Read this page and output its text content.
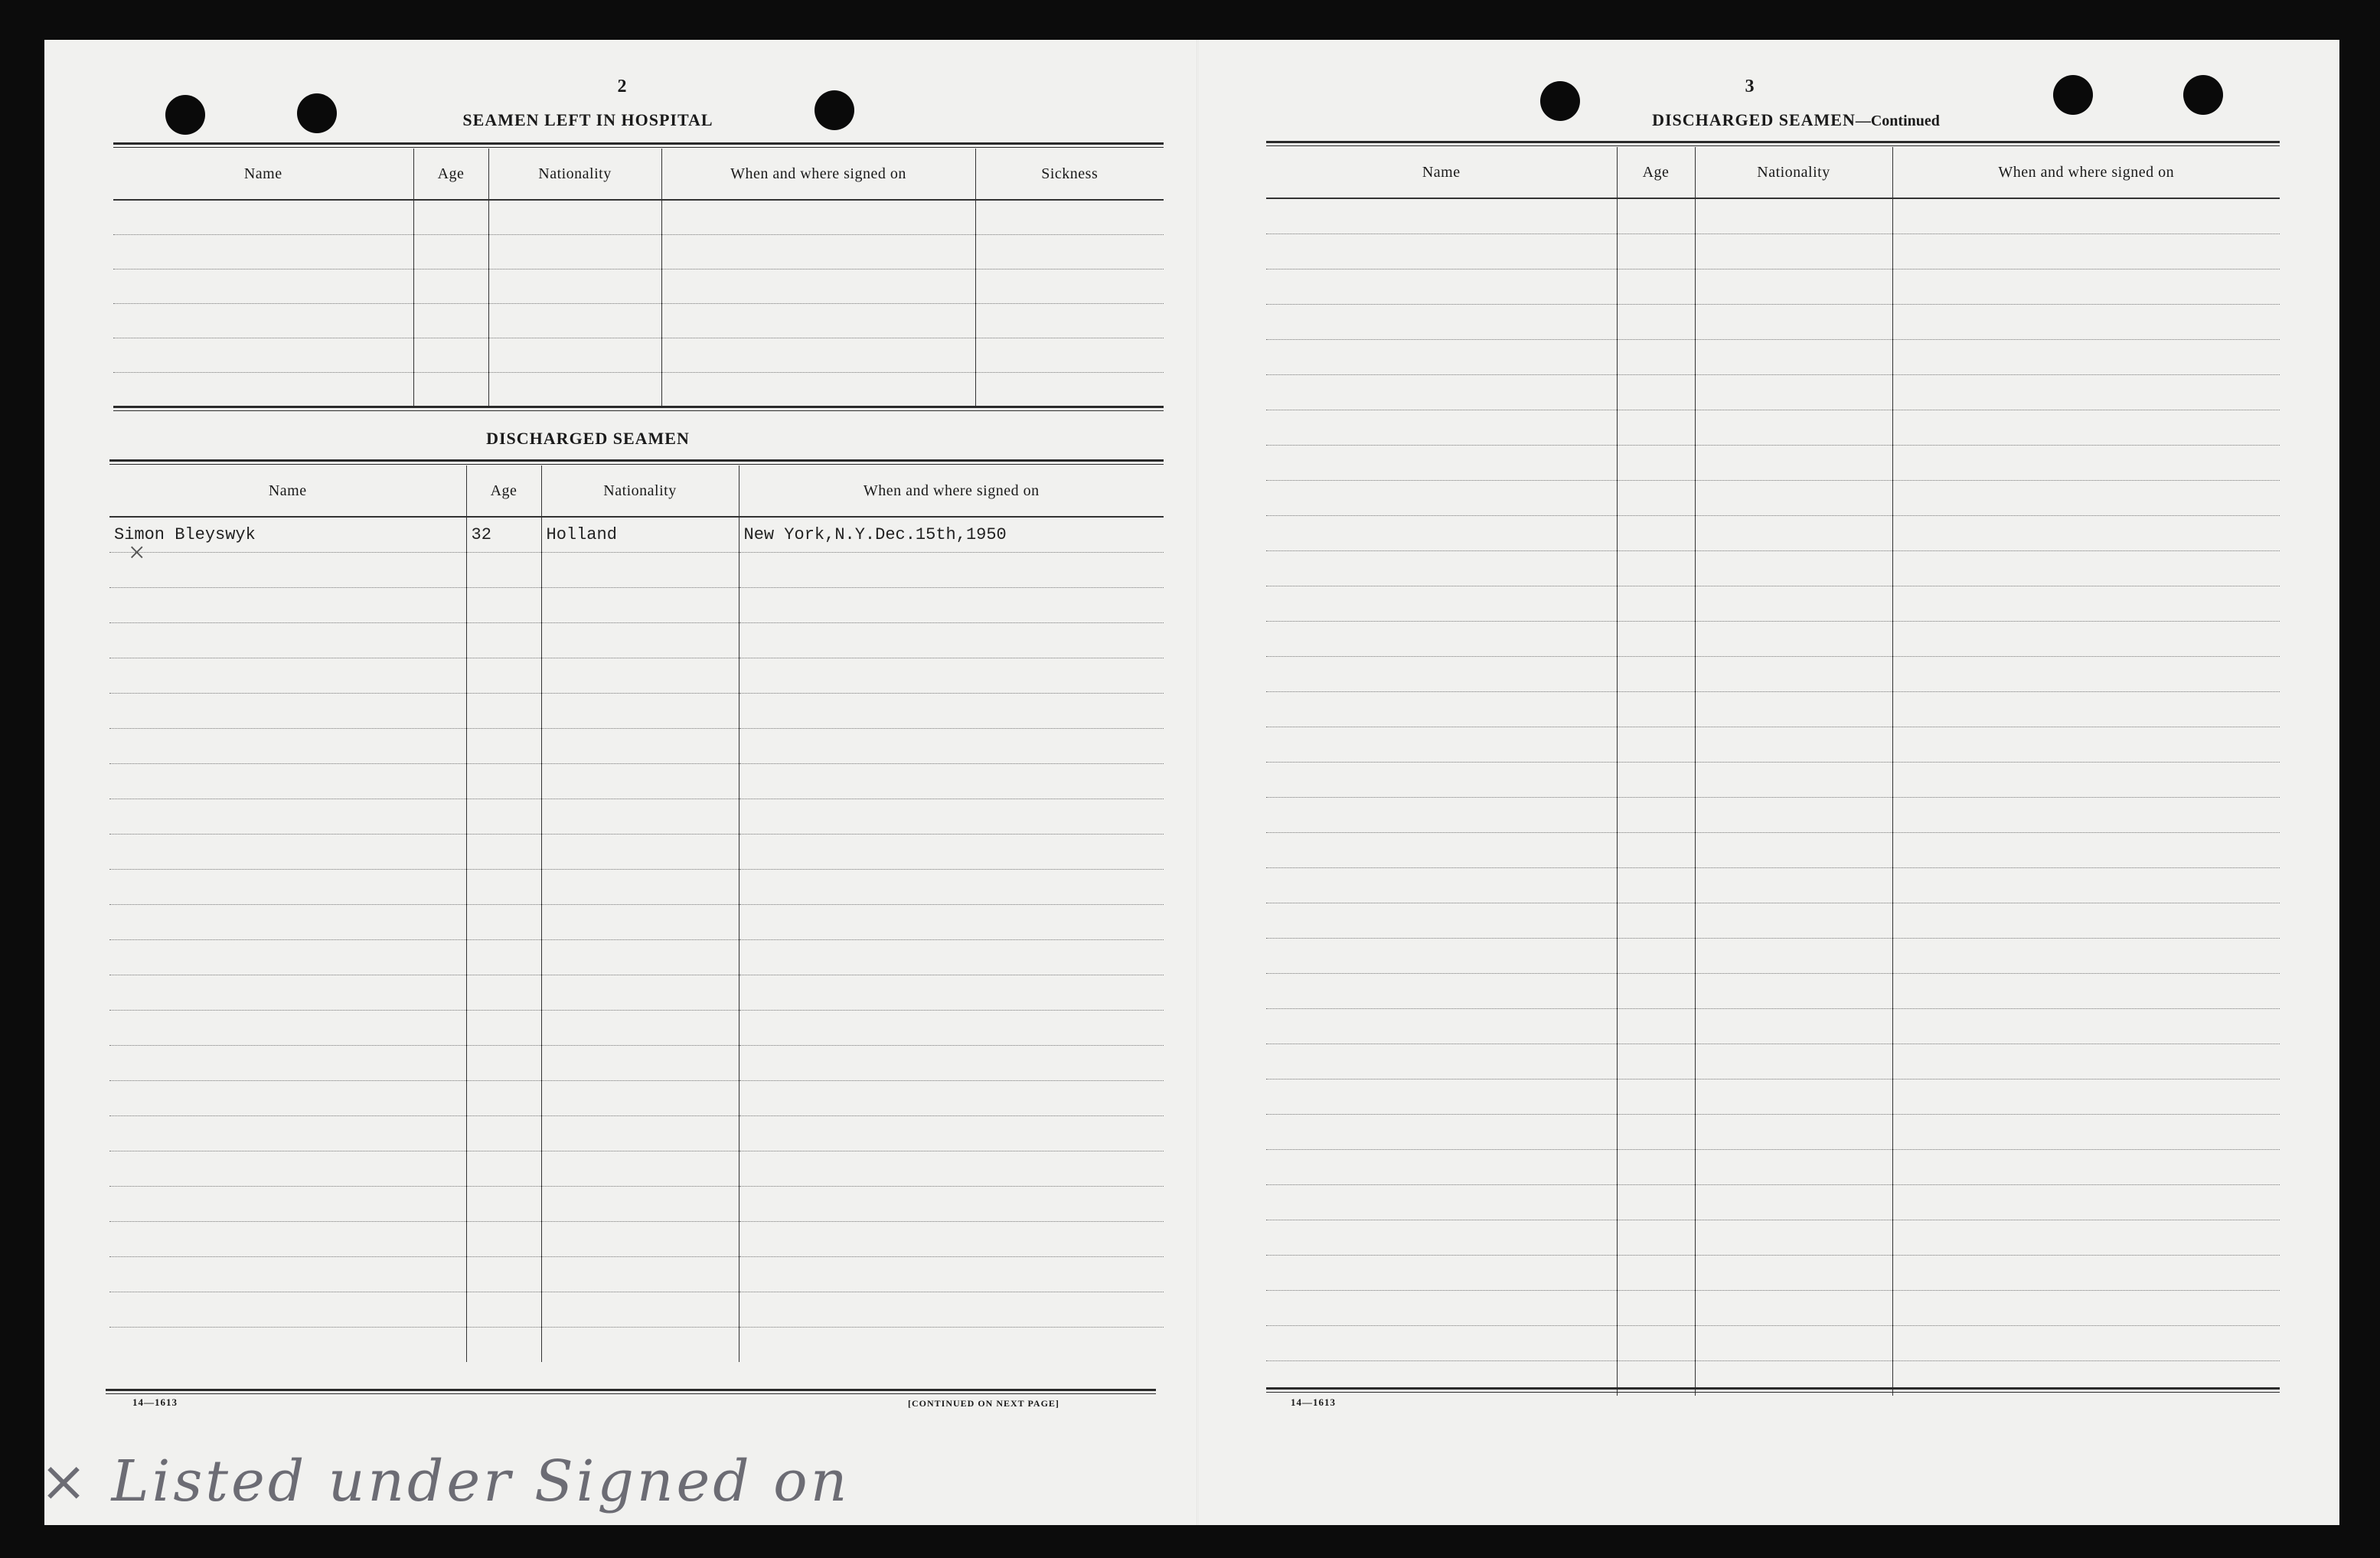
2
SEAMEN LEFT IN HOSPITAL
Name	Age	Nationality	When and where signed on	Sickness

DISCHARGED SEAMEN
Name	Age	Nationality	When and where signed on
Simon Bleyswyk	32	Holland	New York,N.Y.Dec.15th,1950

14—1613	[CONTINUED ON NEXT PAGE]
×
× Listed under Signed on
3
DISCHARGED SEAMEN—Continued
Name	Age	Nationality	When and where signed on

14—1613
